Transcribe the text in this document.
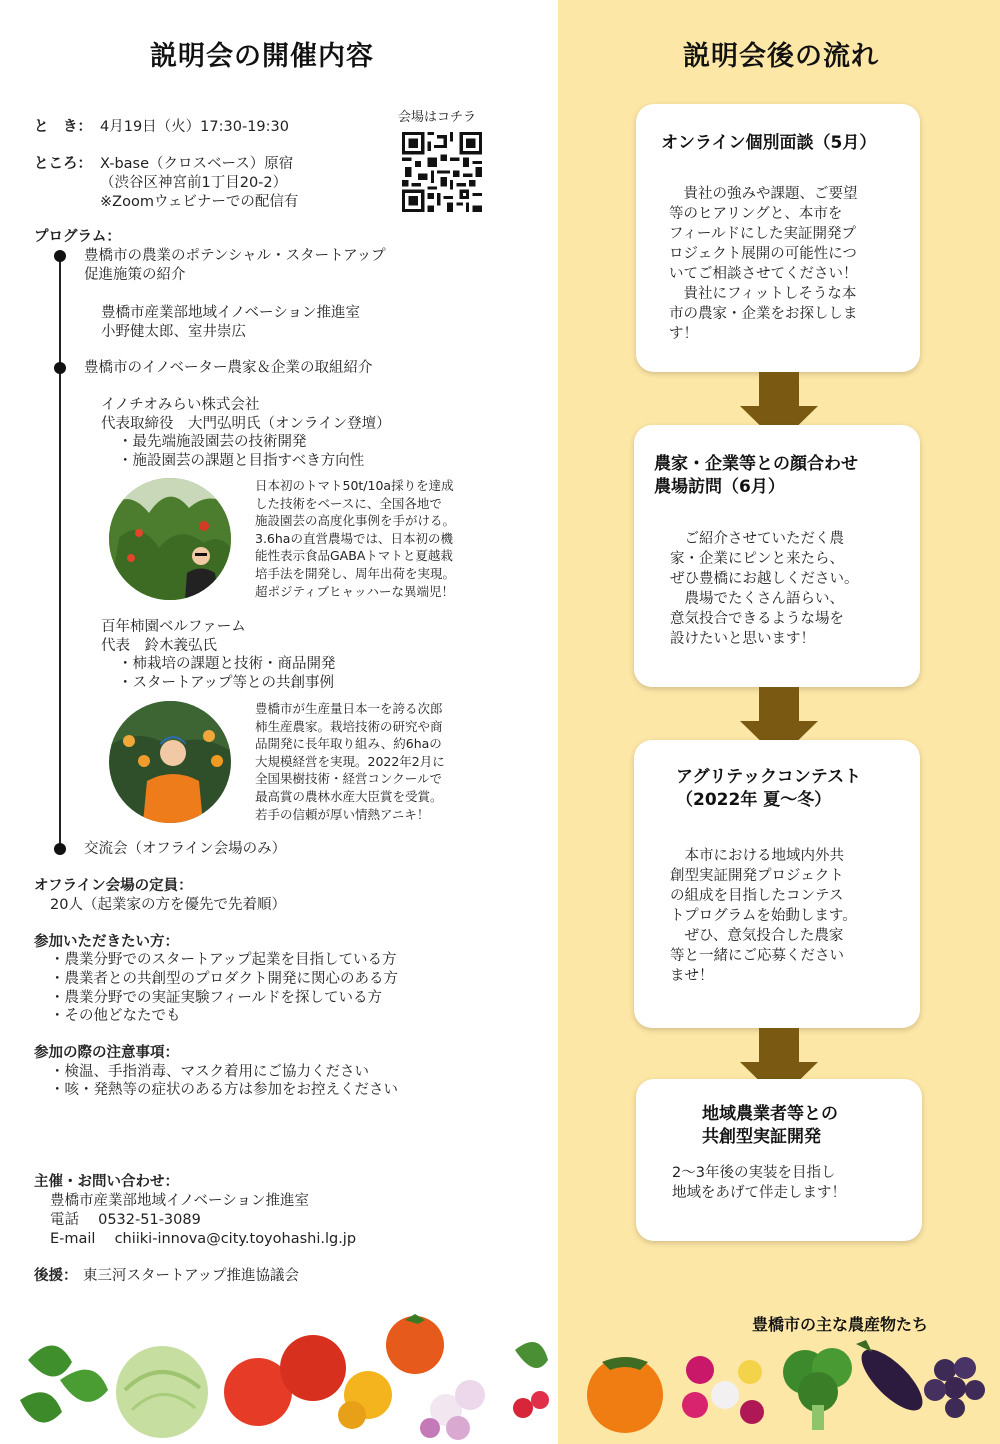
説明会の開催内容	説明会後の流れ
と　き： 4月19日（火）17:30-19:30
ところ： X-base（クロスベース）原宿
（渋谷区神宮前1丁目20-2）
※Zoomウェビナーでの配信有
会場はコチラ
プログラム：
豊橋市の農業のポテンシャル・スタートアップ
促進施策の紹介
豊橋市産業部地域イノベーション推進室
小野健太郎、室井崇広
豊橋市のイノベーター農家＆企業の取組紹介
イノチオみらい株式会社
代表取締役　大門弘明氏（オンライン登壇）
・最先端施設園芸の技術開発
・施設園芸の課題と目指すべき方向性
日本初のトマト50t/10a採りを達成
した技術をベースに、全国各地で
施設園芸の高度化事例を手がける。
3.6haの直営農場では、日本初の機
能性表示食品GABAトマトと夏越栽
培手法を開発し、周年出荷を実現。
超ポジティブヒャッハーな異端児！
百年柿園ベルファーム
代表　鈴木義弘氏
・柿栽培の課題と技術・商品開発
・スタートアップ等との共創事例
豊橋市が生産量日本一を誇る次郎
柿生産農家。栽培技術の研究や商
品開発に長年取り組み、約6haの
大規模経営を実現。2022年2月に
全国果樹技術・経営コンクールで
最高賞の農林水産大臣賞を受賞。
若手の信頼が厚い情熱アニキ！
交流会（オフライン会場のみ）
オフライン会場の定員：
20人（起業家の方を優先で先着順）
参加いただきたい方：
・農業分野でのスタートアップ起業を目指している方
・農業者との共創型のプロダクト開発に関心のある方
・農業分野での実証実験フィールドを探している方
・その他どなたでも
参加の際の注意事項：
・検温、手指消毒、マスク着用にご協力ください
・咳・発熱等の症状のある方は参加をお控えください
主催・お問い合わせ：
豊橋市産業部地域イノベーション推進室
電話　 0532-51-3089
E-mail 　chiiki-innova@city.toyohashi.lg.jp
後援： 東三河スタートアップ推進協議会
オンライン個別面談（5月）
　貴社の強みや課題、ご要望
等のヒアリングと、本市を
フィールドにした実証開発プ
ロジェクト展開の可能性につ
いてご相談させてください！
　貴社にフィットしそうな本
市の農家・企業をお探ししま
す！
農家・企業等との顔合わせ
農場訪問（6月）
　ご紹介させていただく農
家・企業にピンと来たら、
ぜひ豊橋にお越しください。
　農場でたくさん語らい、
意気投合できるような場を
設けたいと思います！
アグリテックコンテスト
（2022年 夏〜冬）
　本市における地域内外共
創型実証開発プロジェクト
の組成を目指したコンテス
トプログラムを始動します。
　ぜひ、意気投合した農家
等と一緒にご応募ください
ませ！
地域農業者等との
共創型実証開発
2〜3年後の実装を目指し
地域をあげて伴走します！
豊橋市の主な農産物たち
